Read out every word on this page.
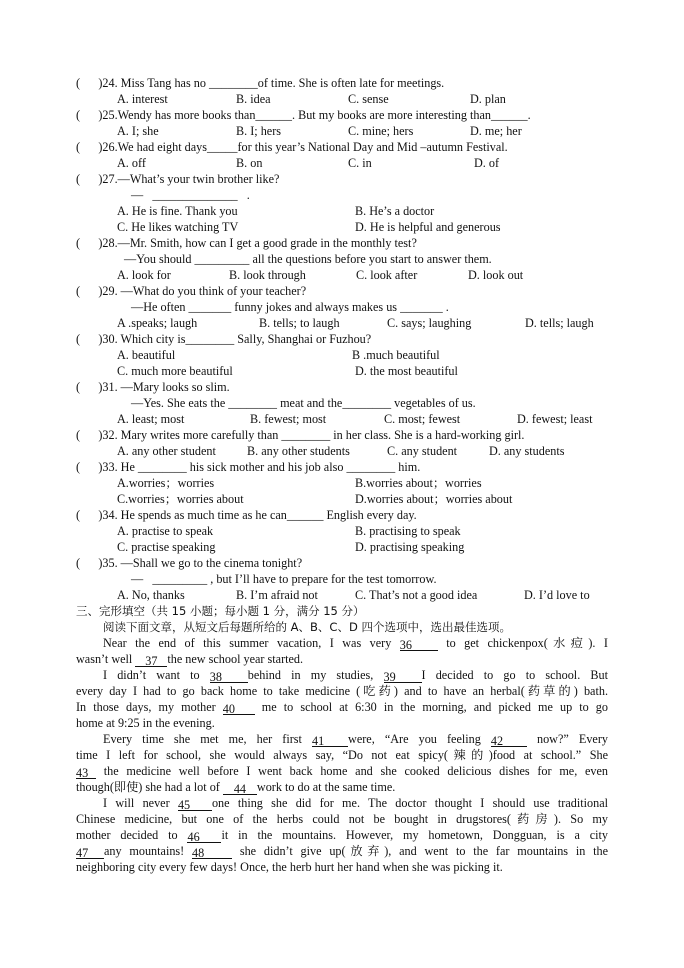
(      )24. Miss Tang has no ________of time. She is often late for meetings.
A. interest	B. idea	C. sense	D. plan
(      )25.Wendy has more books than______. But my books are more interesting than______.
A. I; she	B. I; hers	C. mine; hers	D. me; her
(      )26.We had eight days_____for this year’s National Day and Mid –autumn Festival.
A. off	B. on	C. in	D. of
(      )27.—What’s your twin brother like?
—   ______________   .
A. He is fine. Thank you	B. He’s a doctor
C. He likes watching TV	D. He is helpful and generous
(      )28.—Mr. Smith, how can I get a good grade in the monthly test?
—You should _________ all the questions before you start to answer them.
A. look for	B. look through	C. look after	D. look out
(      )29. —What do you think of your teacher?
—He often _______ funny jokes and always makes us _______ .
A .speaks; laugh	B. tells; to laugh	C. says; laughing	D. tells; laugh
(      )30. Which city is________ Sally, Shanghai or Fuzhou?
A. beautiful	B .much beautiful
C. much more beautiful	D. the most beautiful
(      )31. —Mary looks so slim.
—Yes. She eats the ________ meat and the________ vegetables of us.
A. least; most	B. fewest; most	C. most; fewest	D. fewest; least
(      )32. Mary writes more carefully than ________ in her class. She is a hard-working girl.
A. any other student	B. any other students	C. any student	D. any students
(      )33. He ________ his sick mother and his job also ________ him.
A.worries；worries	B.worries about；worries
C.worries；worries about	D.worries about；worries about
(      )34. He spends as much time as he can______ English every day.
A. practise to speak	B. practising to speak
C. practise speaking	D. practising speaking
(      )35. —Shall we go to the cinema tonight?
—   _________ , but I’ll have to prepare for the test tomorrow.
A. No, thanks	B. I’m afraid not	C. That’s not a good idea	D. I’d love to
三、完形填空（共 15 小题；每小题 1 分，满分 15 分）
阅读下面文章，从短文后每题所给的 A、B、C、D 四个选项中，选出最佳选项。
Near the end of this summer vacation, I was very 36 to get chickenpox(水痘). I
wasn’t well 37 the new school year started.
I didn’t want to 38 behind in my studies, 39 I decided to go to school. But
every day I had to go back home to take medicine (吃药) and to have an herbal(药草的) bath.
In those days, my mother 40 me to school at 6:30 in the morning, and picked me up to go
home at 9:25 in the evening.
Every time she met me, her first 41 were, “Are you feeling 42 now?” Every
time I left for school, she would always say, “Do not eat spicy(辣的)food at school.” She
43 the medicine well before I went back home and she cooked delicious dishes for me, even
though(即使) she had a lot of 44 work to do at the same time.
I will never 45 one thing she did for me. The doctor thought I should use traditional
Chinese medicine, but one of the herbs could not be bought in drugstores(药房). So my
mother decided to 46 it in the mountains. However, my hometown, Dongguan, is a city
47 any mountains! 48 she didn’t give up(放弃), and went to the far mountains in the
neighboring city every few days! Once, the herb hurt her hand when she was picking it.
